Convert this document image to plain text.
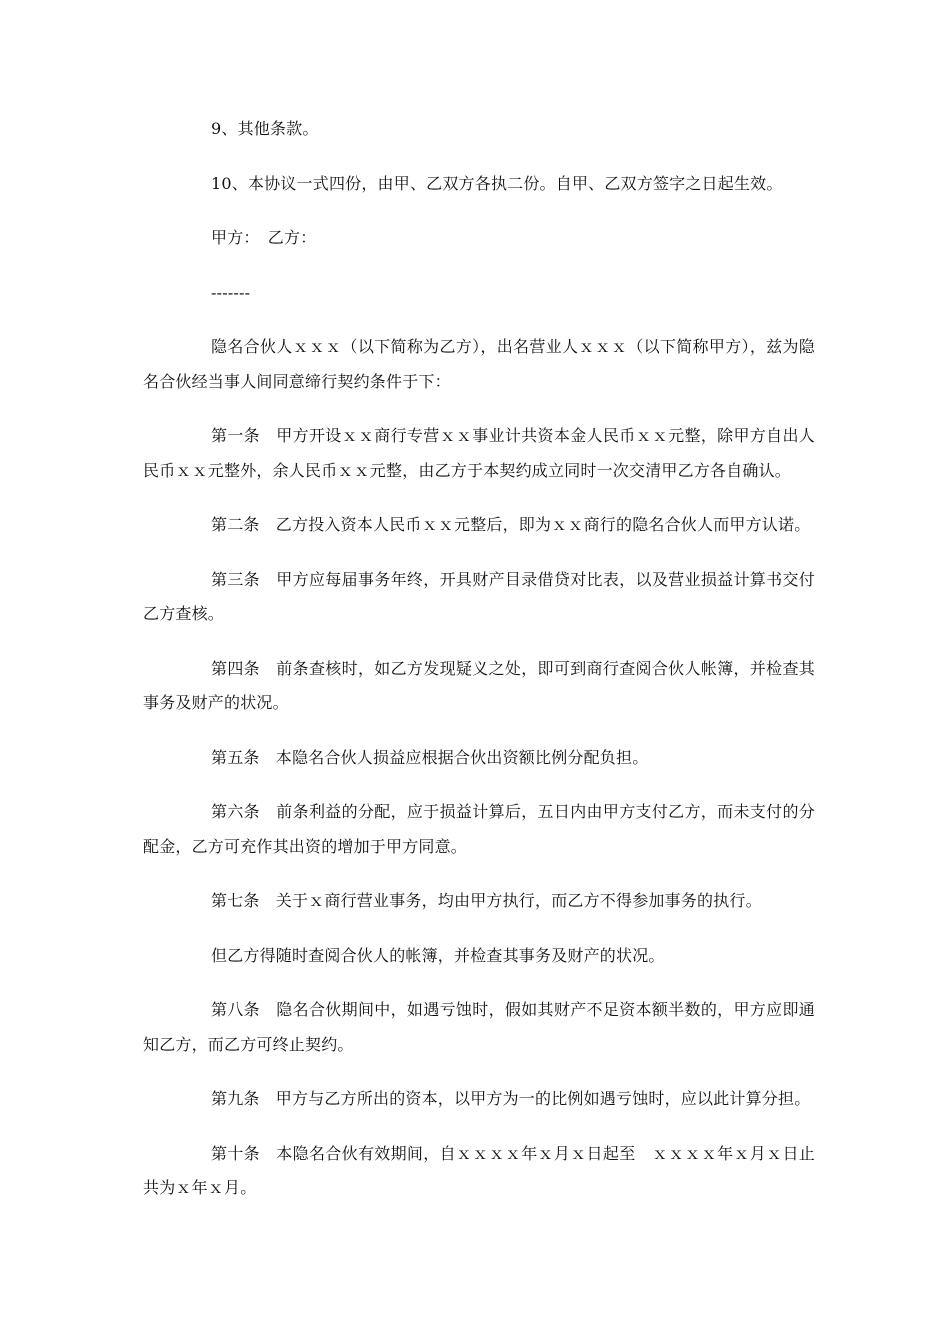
9、其他条款。

10、本协议一式四份，由甲、乙双方各执二份。自甲、乙双方签字之日起生效。

甲方：　乙方：

-------

隐名合伙人ｘｘｘ（以下简称为乙方），出名营业人ｘｘｘ（以下简称甲方），兹为隐名合伙经当事人间同意缔行契约条件于下：

第一条　甲方开设ｘｘ商行专营ｘｘ事业计共资本金人民币ｘｘ元整，除甲方自出人民币ｘｘ元整外，余人民币ｘｘ元整，由乙方于本契约成立同时一次交清甲乙方各自确认。

第二条　乙方投入资本人民币ｘｘ元整后，即为ｘｘ商行的隐名合伙人而甲方认诺。

第三条　甲方应每届事务年终，开具财产目录借贷对比表，以及营业损益计算书交付乙方查核。

第四条　前条查核时，如乙方发现疑义之处，即可到商行查阅合伙人帐簿，并检查其事务及财产的状况。

第五条　本隐名合伙人损益应根据合伙出资额比例分配负担。

第六条　前条利益的分配，应于损益计算后，五日内由甲方支付乙方，而未支付的分配金，乙方可充作其出资的增加于甲方同意。

第七条　关于ｘ商行营业事务，均由甲方执行，而乙方不得参加事务的执行。

但乙方得随时查阅合伙人的帐簿，并检查其事务及财产的状况。

第八条　隐名合伙期间中，如遇亏蚀时，假如其财产不足资本额半数的，甲方应即通知乙方，而乙方可终止契约。

第九条　甲方与乙方所出的资本，以甲方为一的比例如遇亏蚀时，应以此计算分担。

第十条　本隐名合伙有效期间，自ｘｘｘｘ年ｘ月ｘ日起至　ｘｘｘｘ年ｘ月ｘ日止共为ｘ年ｘ月。
